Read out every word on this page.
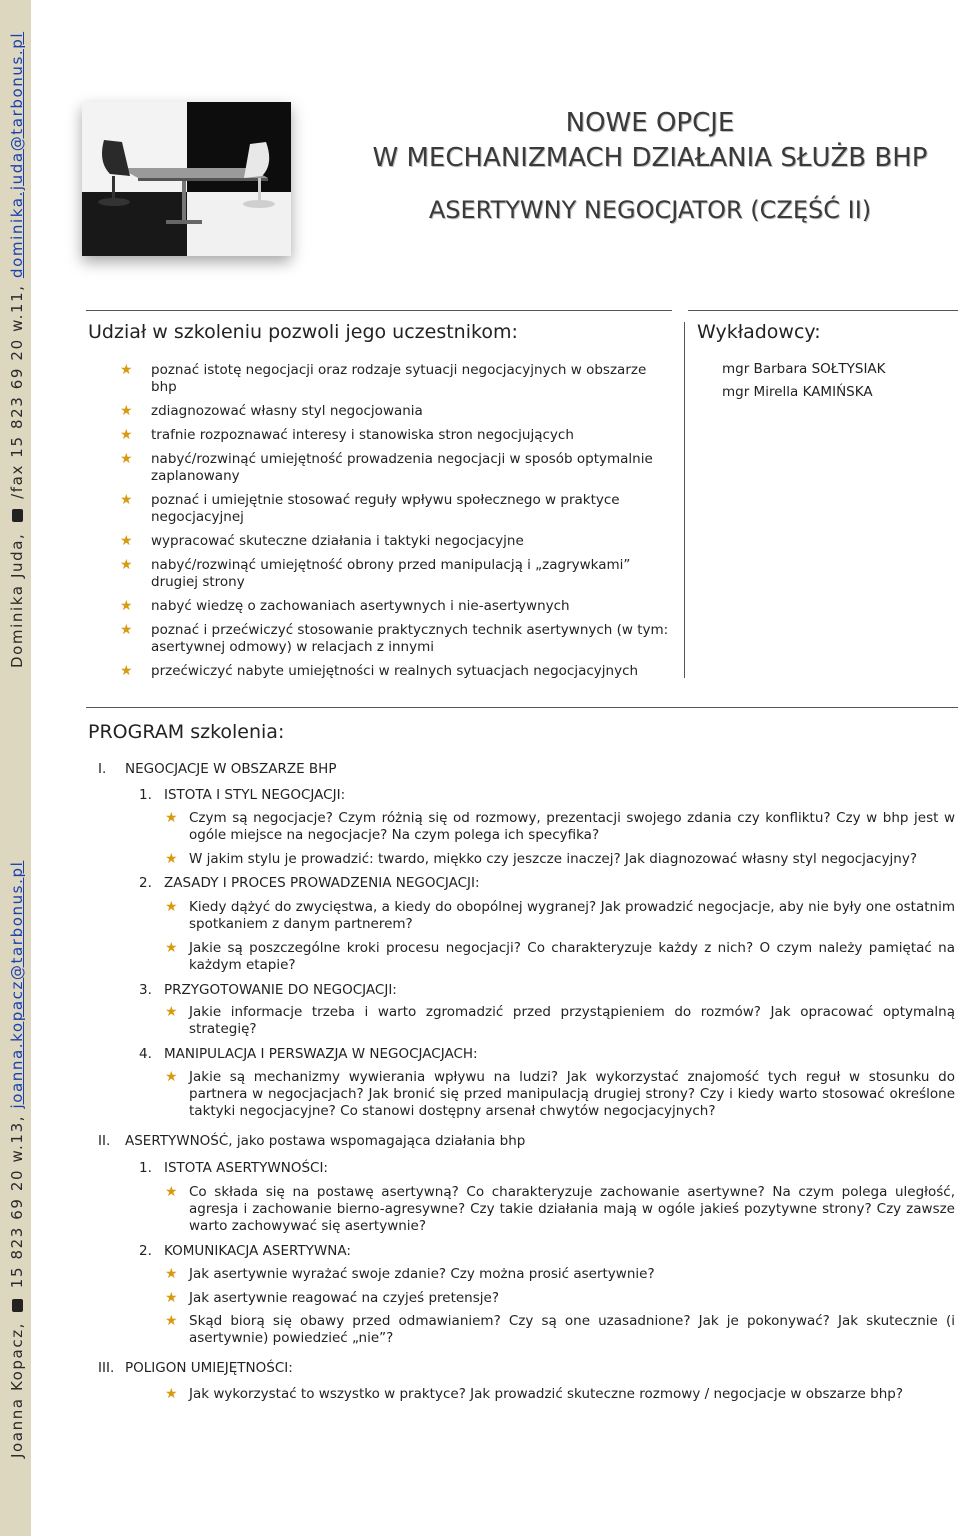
Joanna Kopacz,  15 823 69 20 w.13, joanna.kopacz@tarbonus.pl
Dominika Juda,  /fax 15 823 69 20 w.11, dominika.juda@tarbonus.pl	NOWE OPCJE
W MECHANIZMACH DZIAŁANIA SŁUŻB BHP
ASERTYWNY NEGOCJATOR (CZĘŚĆ II)
Udział w szkoleniu pozwoli jego uczestnikom:
★ poznać istotę negocjacji oraz rodzaje sytuacji negocjacyjnych w obszarze bhp
★ zdiagnozować własny styl negocjowania
★ trafnie rozpoznawać interesy i stanowiska stron negocjujących
★ nabyć/rozwinąć umiejętność prowadzenia negocjacji w sposób optymalnie zaplanowany
★ poznać i umiejętnie stosować reguły wpływu społecznego w praktyce negocjacyjnej
★ wypracować skuteczne działania i taktyki negocjacyjne
★ nabyć/rozwinąć umiejętność obrony przed manipulacją i „zagrywkami” drugiej strony
★ nabyć wiedzę o zachowaniach asertywnych i nie-asertywnych
★ poznać i przećwiczyć stosowanie praktycznych technik asertywnych (w tym: asertywnej odmowy) w relacjach z innymi
★ przećwiczyć nabyte umiejętności w realnych sytuacjach negocjacyjnych
Wykładowcy:
mgr Barbara SOŁTYSIAK
mgr Mirella KAMIŃSKA
PROGRAM szkolenia:
I. NEGOCJACJE W OBSZARZE BHP
1. ISTOTA I STYL NEGOCJACJI:
★ Czym są negocjacje? Czym różnią się od rozmowy, prezentacji swojego zdania czy konfliktu? Czy w bhp jest w ogóle miejsce na negocjacje? Na czym polega ich specyfika?
★ W jakim stylu je prowadzić: twardo, miękko czy jeszcze inaczej? Jak diagnozować własny styl negocjacyjny?
2. ZASADY I PROCES PROWADZENIA NEGOCJACJI:
★ Kiedy dążyć do zwycięstwa, a kiedy do obopólnej wygranej? Jak prowadzić negocjacje, aby nie były one ostatnim spotkaniem z danym partnerem?
★ Jakie są poszczególne kroki procesu negocjacji? Co charakteryzuje każdy z nich? O czym należy pamiętać na każdym etapie?
3. PRZYGOTOWANIE DO NEGOCJACJI:
★ Jakie informacje trzeba i warto zgromadzić przed przystąpieniem do rozmów? Jak opracować optymalną strategię?
4. MANIPULACJA I PERSWAZJA W NEGOCJACJACH:
★ Jakie są mechanizmy wywierania wpływu na ludzi? Jak wykorzystać znajomość tych reguł w stosunku do partnera w negocjacjach? Jak bronić się przed manipulacją drugiej strony? Czy i kiedy warto stosować określone taktyki negocjacyjne? Co stanowi dostępny arsenał chwytów negocjacyjnych?
II. ASERTYWNOŚĆ, jako postawa wspomagająca działania bhp
1. ISTOTA ASERTYWNOŚCI:
★ Co składa się na postawę asertywną? Co charakteryzuje zachowanie asertywne? Na czym polega uległość, agresja i zachowanie bierno-agresywne? Czy takie działania mają w ogóle jakieś pozytywne strony? Czy zawsze warto zachowywać się asertywnie?
2. KOMUNIKACJA ASERTYWNA:
★ Jak asertywnie wyrażać swoje zdanie? Czy można prosić asertywnie?
★ Jak asertywnie reagować na czyjeś pretensje?
★ Skąd biorą się obawy przed odmawianiem? Czy są one uzasadnione? Jak je pokonywać? Jak skutecznie (i asertywnie) powiedzieć „nie”?
III. POLIGON UMIEJĘTNOŚCI:
★ Jak wykorzystać to wszystko w praktyce? Jak prowadzić skuteczne rozmowy / negocjacje w obszarze bhp?
